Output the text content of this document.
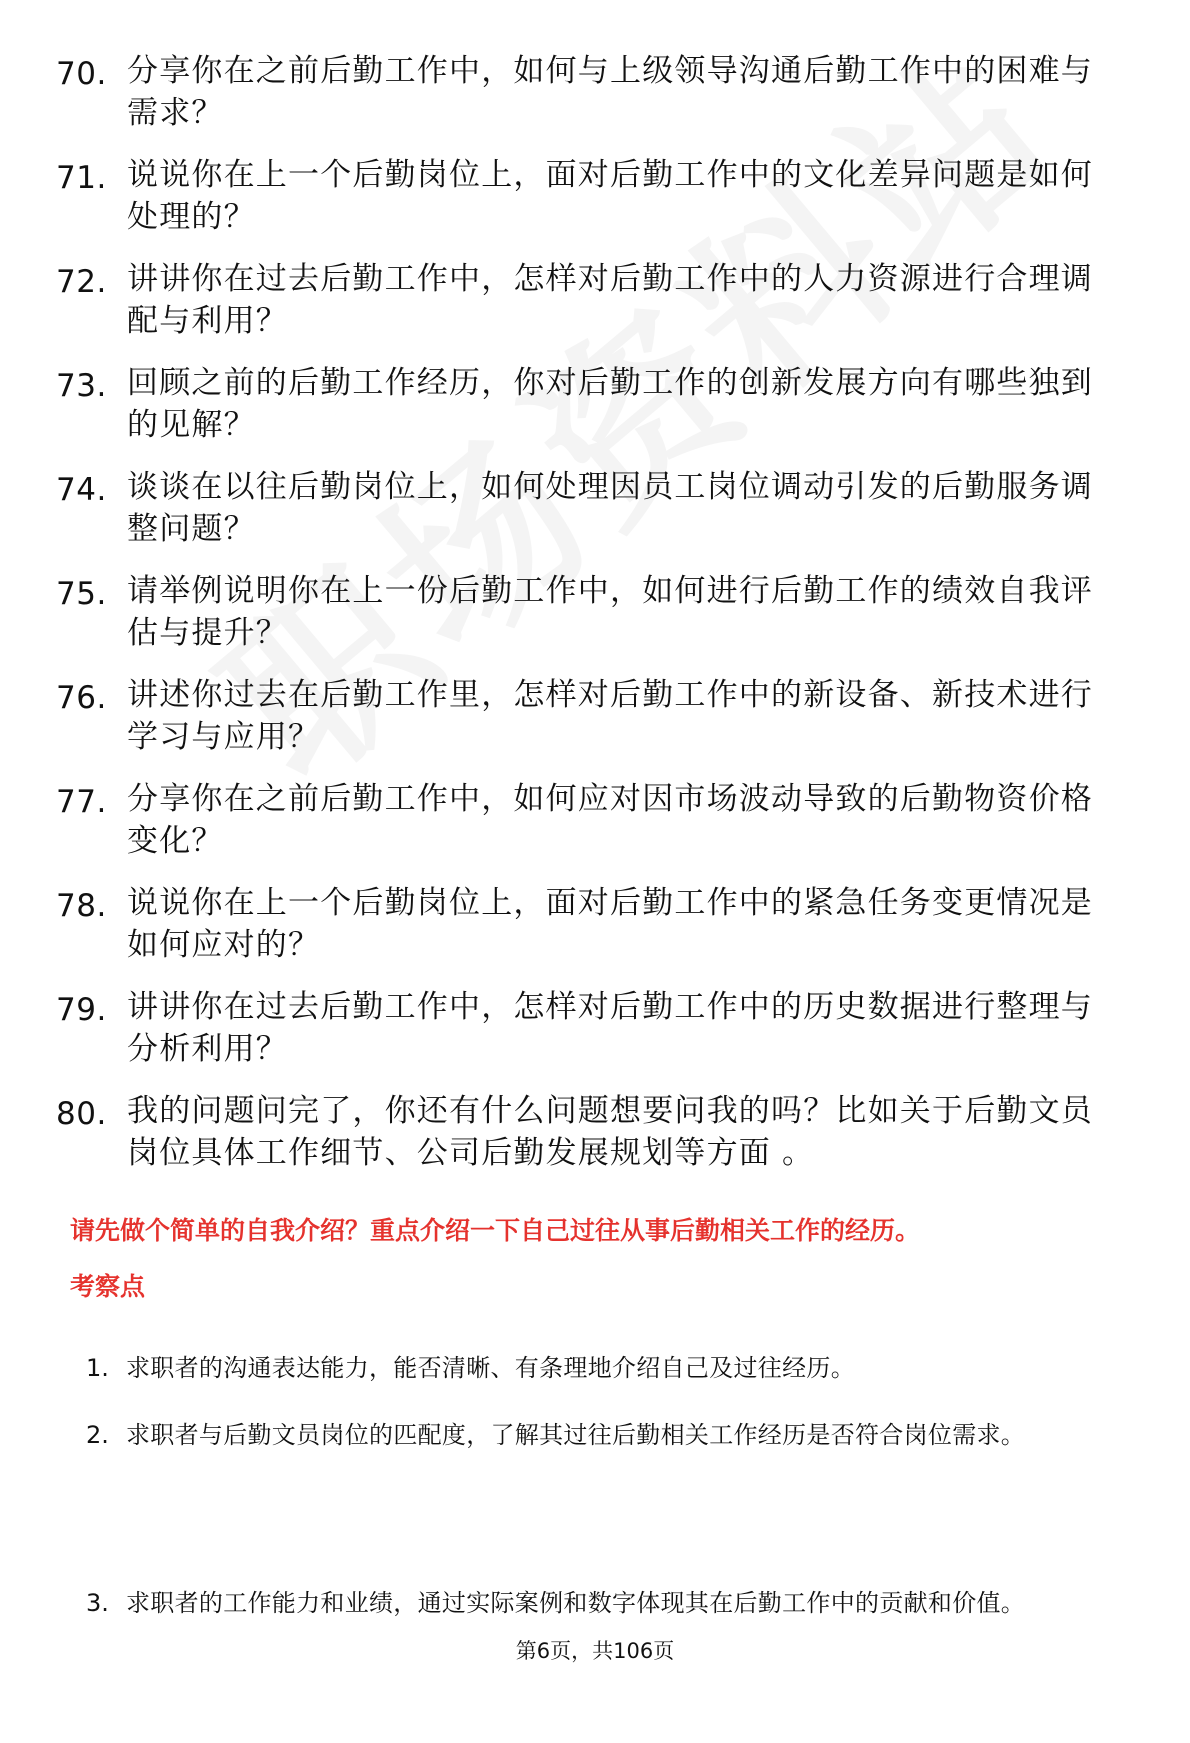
70. 分享你在之前后勤工作中，如何与上级领导沟通后勤工作中的困难与需求？
71. 说说你在上一个后勤岗位上，面对后勤工作中的文化差异问题是如何处理的？
72. 讲讲你在过去后勤工作中，怎样对后勤工作中的人力资源进行合理调配与利用？
73. 回顾之前的后勤工作经历，你对后勤工作的创新发展方向有哪些独到的见解？
74. 谈谈在以往后勤岗位上，如何处理因员工岗位调动引发的后勤服务调整问题？
75. 请举例说明你在上一份后勤工作中，如何进行后勤工作的绩效自我评估与提升？
76. 讲述你过去在后勤工作里，怎样对后勤工作中的新设备、新技术进行学习与应用？
77. 分享你在之前后勤工作中，如何应对因市场波动导致的后勤物资价格变化？
78. 说说你在上一个后勤岗位上，面对后勤工作中的紧急任务变更情况是如何应对的？
79. 讲讲你在过去后勤工作中，怎样对后勤工作中的历史数据进行整理与分析利用？
80. 我的问题问完了，你还有什么问题想要问我的吗？比如关于后勤文员岗位具体工作细节、公司后勤发展规划等方面 。
请先做个简单的自我介绍？重点介绍一下自己过往从事后勤相关工作的经历。
考察点
1. 求职者的沟通表达能力，能否清晰、有条理地介绍自己及过往经历。
2. 求职者与后勤文员岗位的匹配度，了解其过往后勤相关工作经历是否符合岗位需求。
3. 求职者的工作能力和业绩，通过实际案例和数字体现其在后勤工作中的贡献和价值。
第6页，共106页
